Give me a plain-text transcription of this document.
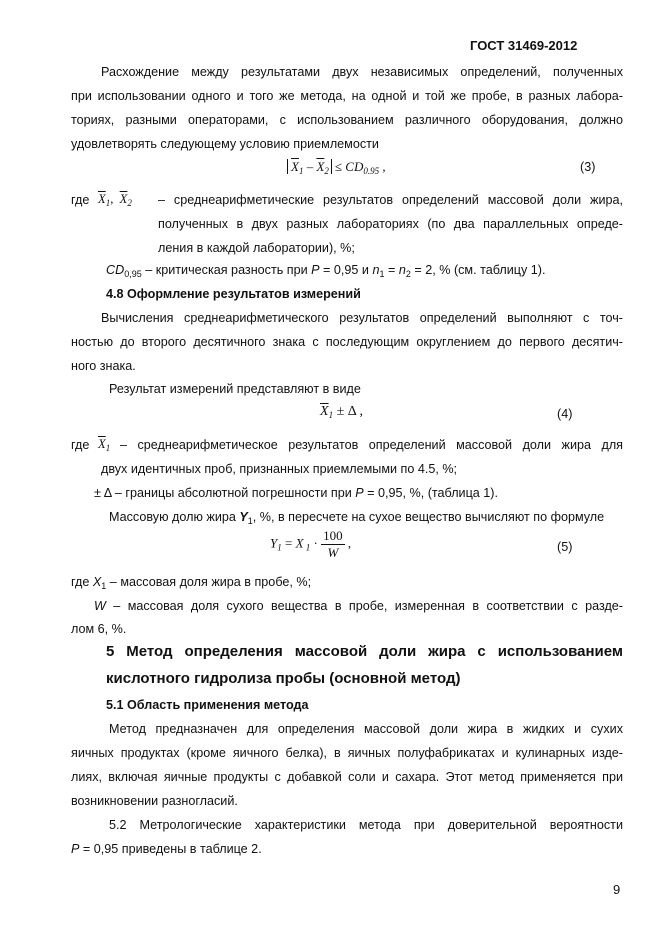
ГОСТ 31469-2012
Расхождение между результатами двух независимых определений, полученных
при использовании одного и того же метода, на одной и той же пробе, в разных лабора-
ториях, разными операторами, с использованием различного оборудования, должно
удовлетворять следующему условию приемлемости
$\overline{X}_1 - \overline{X}_2 \le CD_{0.95}$ ,	(3)
где $\overline{X}_1$, $\overline{X}_2$ – среднеарифметические результатов определений массовой доли жира,
полученных в двух разных лабораториях (по два параллельных опреде-
ления в каждой лаборатории), %;
$CD_{0,95}$ – критическая разность при P = 0,95 и $n_1 = n_2 = 2$, % (см. таблицу 1).
4.8 Оформление результатов измерений
Вычисления среднеарифметического результатов определений выполняют с точ-
ностью до второго десятичного знака с последующим округлением до первого десятич-
ного знака.
Результат измерений представляют в виде
$\overline{X}_1 \pm \Delta$ ,	(4)
где $\overline{X}_1$ – среднеарифметическое результатов определений массовой доли жира для
двух идентичных проб, признанных приемлемыми по 4.5, %;
± Δ – границы абсолютной погрешности при P = 0,95, %, (таблица 1).
Массовую долю жира $Y_1$, %, в пересчете на сухое вещество вычисляют по формуле
$Y_1 = X$ $_1 \cdot \frac{100}{W}$ ,	(5)
где $X_1$ – массовая доля жира в пробе, %;
W – массовая доля сухого вещества в пробе, измеренная в соответствии с разде-
лом 6, %.
5 Метод определения массовой доли жира с использованием
кислотного гидролиза пробы (основной метод)
5.1 Область применения метода
Метод предназначен для определения массовой доли жира в жидких и сухих
яичных продуктах (кроме яичного белка), в яичных полуфабрикатах и кулинарных изде-
лиях, включая яичные продукты с добавкой соли и сахара. Этот метод применяется при
возникновении разногласий.
5.2 Метрологические характеристики метода при доверительной вероятности
P = 0,95 приведены в таблице 2.
9
